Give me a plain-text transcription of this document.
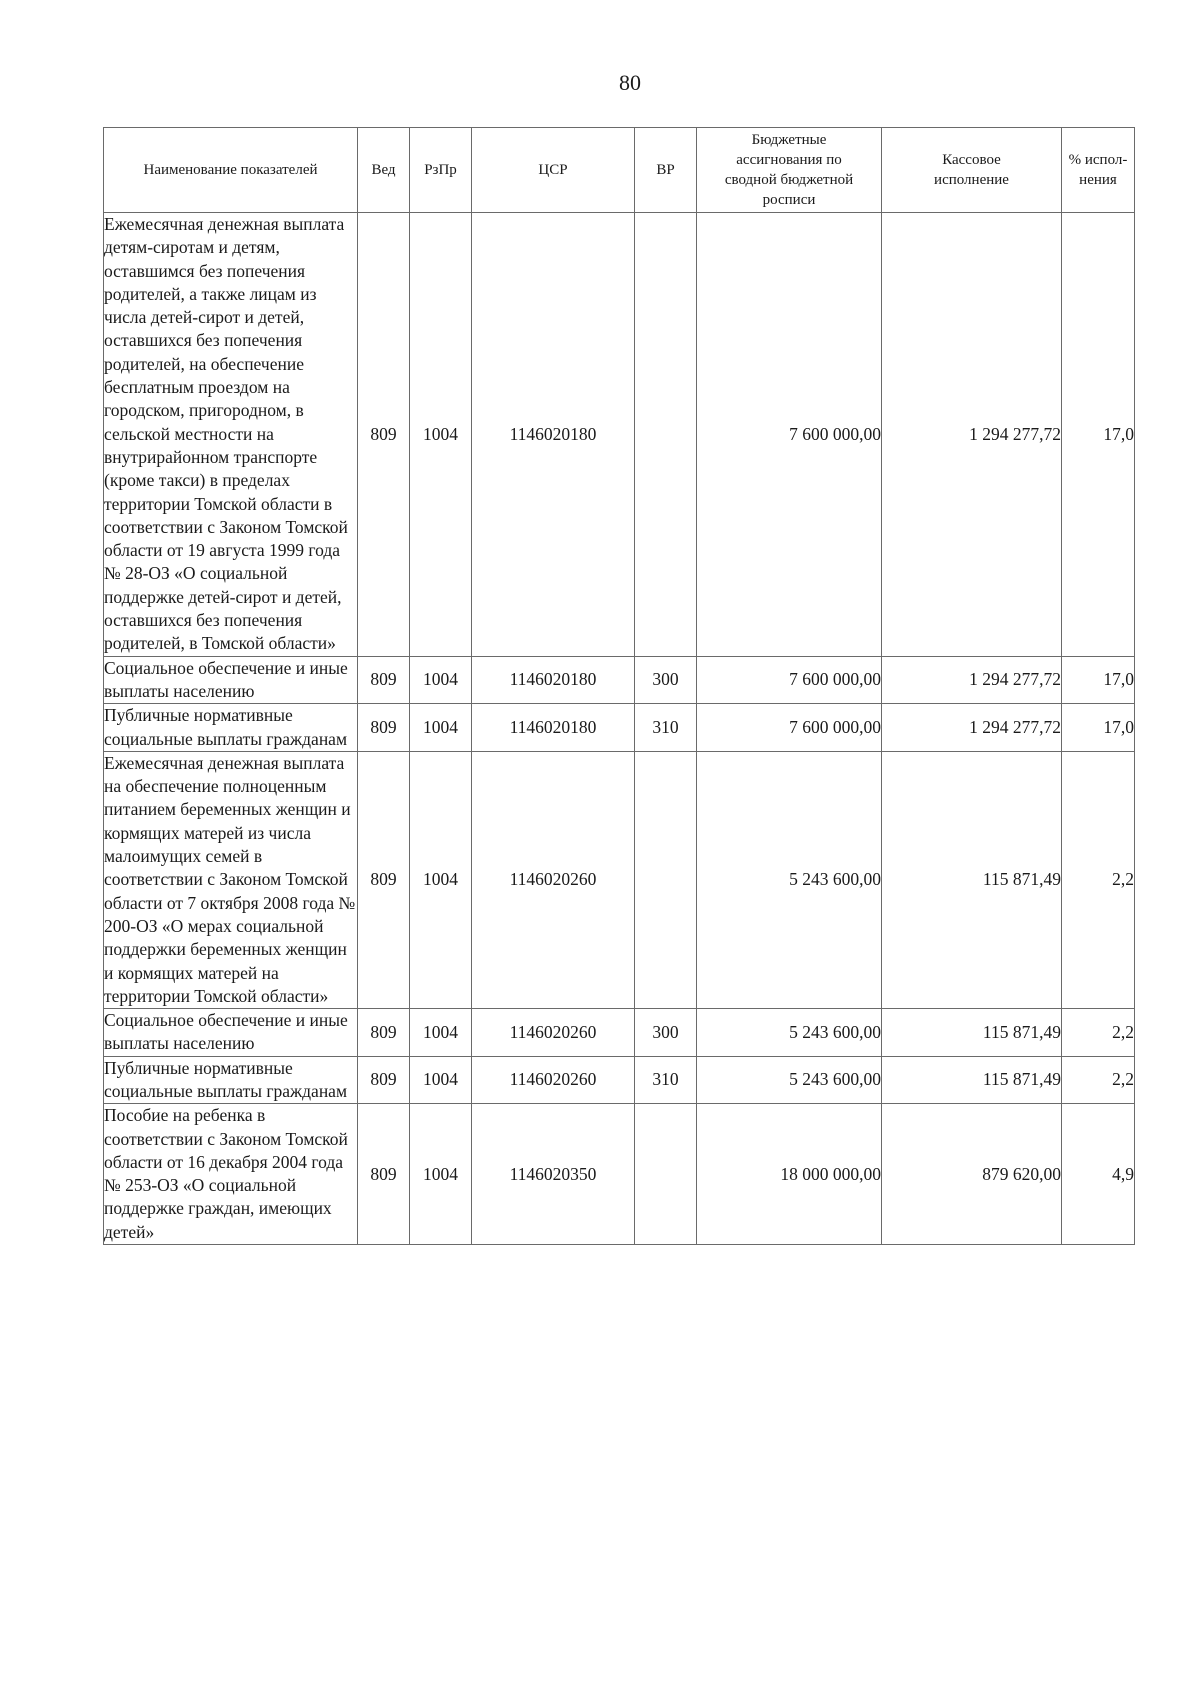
80
Наименование показателей	Вед	РзПр	ЦСР	ВР	Бюджетные ассигнования по сводной бюджетной росписи	Кассовое исполнение	% испол-нения
Ежемесячная денежная выплата детям-сиротам и детям, оставшимся без попечения родителей, а также лицам из числа детей-сирот и детей, оставшихся без попечения родителей, на обеспечение бесплатным проездом на городском, пригородном, в сельской местности на внутрирайонном транспорте (кроме такси) в пределах территории Томской области в соответствии с Законом Томской области от 19 августа 1999 года № 28-ОЗ «О социальной поддержке детей-сирот и детей, оставшихся без попечения родителей, в Томской области»	809	1004	1146020180		7 600 000,00	1 294 277,72	17,0
Социальное обеспечение и иные выплаты населению	809	1004	1146020180	300	7 600 000,00	1 294 277,72	17,0
Публичные нормативные социальные выплаты гражданам	809	1004	1146020180	310	7 600 000,00	1 294 277,72	17,0
Ежемесячная денежная выплата на обеспечение полноценным питанием беременных женщин и кормящих матерей из числа малоимущих семей в соответствии с Законом Томской области от 7 октября 2008 года № 200-ОЗ «О мерах социальной поддержки беременных женщин и кормящих матерей на территории Томской области»	809	1004	1146020260		5 243 600,00	115 871,49	2,2
Социальное обеспечение и иные выплаты населению	809	1004	1146020260	300	5 243 600,00	115 871,49	2,2
Публичные нормативные социальные выплаты гражданам	809	1004	1146020260	310	5 243 600,00	115 871,49	2,2
Пособие на ребенка в соответствии с Законом Томской области от 16 декабря 2004 года № 253-ОЗ «О социальной поддержке граждан, имеющих детей»	809	1004	1146020350		18 000 000,00	879 620,00	4,9
